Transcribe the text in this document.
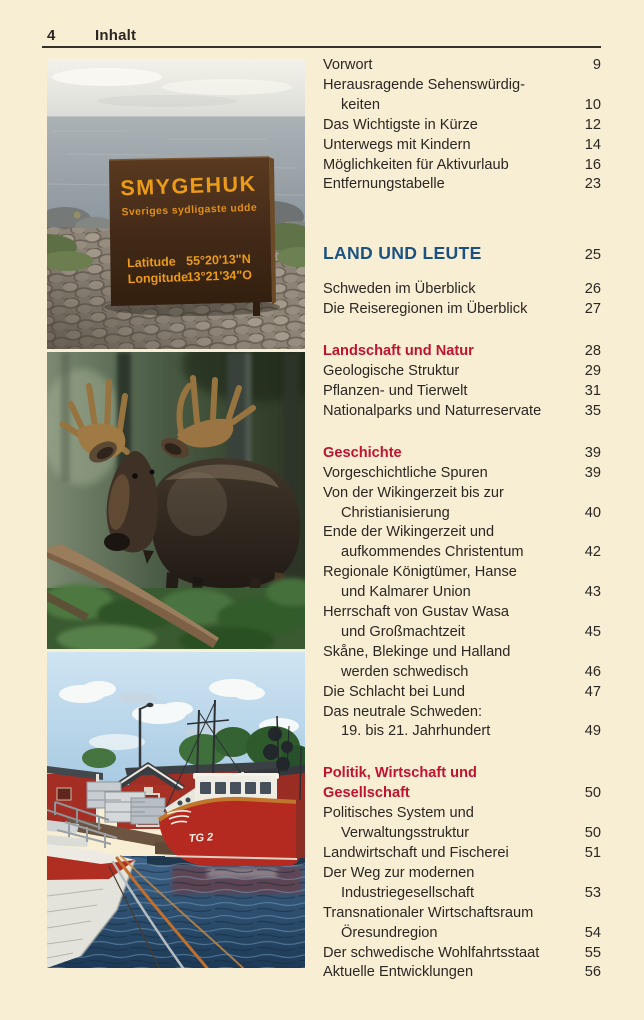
4	Inhalt
SMYGEHUK
Sveriges sydligaste udde
Latitude 55°20'13"N
Longitude
13°21'34"O
TG 2
Vorwort	9
Herausragende Sehenswürdig-
keiten	10
Das Wichtigste in Kürze	12
Unterwegs mit Kindern	14
Möglichkeiten für Aktivurlaub	16
Entfernungstabelle	23
LAND UND LEUTE	25
Schweden im Überblick	26
Die Reiseregionen im Überblick	27
Landschaft und Natur	28
Geologische Struktur	29
Pflanzen- und Tierwelt	31
Nationalparks und Naturreservate	35
Geschichte	39
Vorgeschichtliche Spuren	39
Von der Wikingerzeit bis zur
Christianisierung	40
Ende der Wikingerzeit und
aufkommendes Christentum	42
Regionale Königtümer, Hanse
und Kalmarer Union	43
Herrschaft von Gustav Wasa
und Großmachtzeit	45
Skåne, Blekinge und Halland
werden schwedisch	46
Die Schlacht bei Lund	47
Das neutrale Schweden:
19. bis 21. Jahrhundert	49
Politik, Wirtschaft und
Gesellschaft	50
Politisches System und
Verwaltungsstruktur	50
Landwirtschaft und Fischerei	51
Der Weg zur modernen
Industriegesellschaft	53
Transnationaler Wirtschaftsraum
Öresundregion	54
Der schwedische Wohlfahrtsstaat	55
Aktuelle Entwicklungen	56
